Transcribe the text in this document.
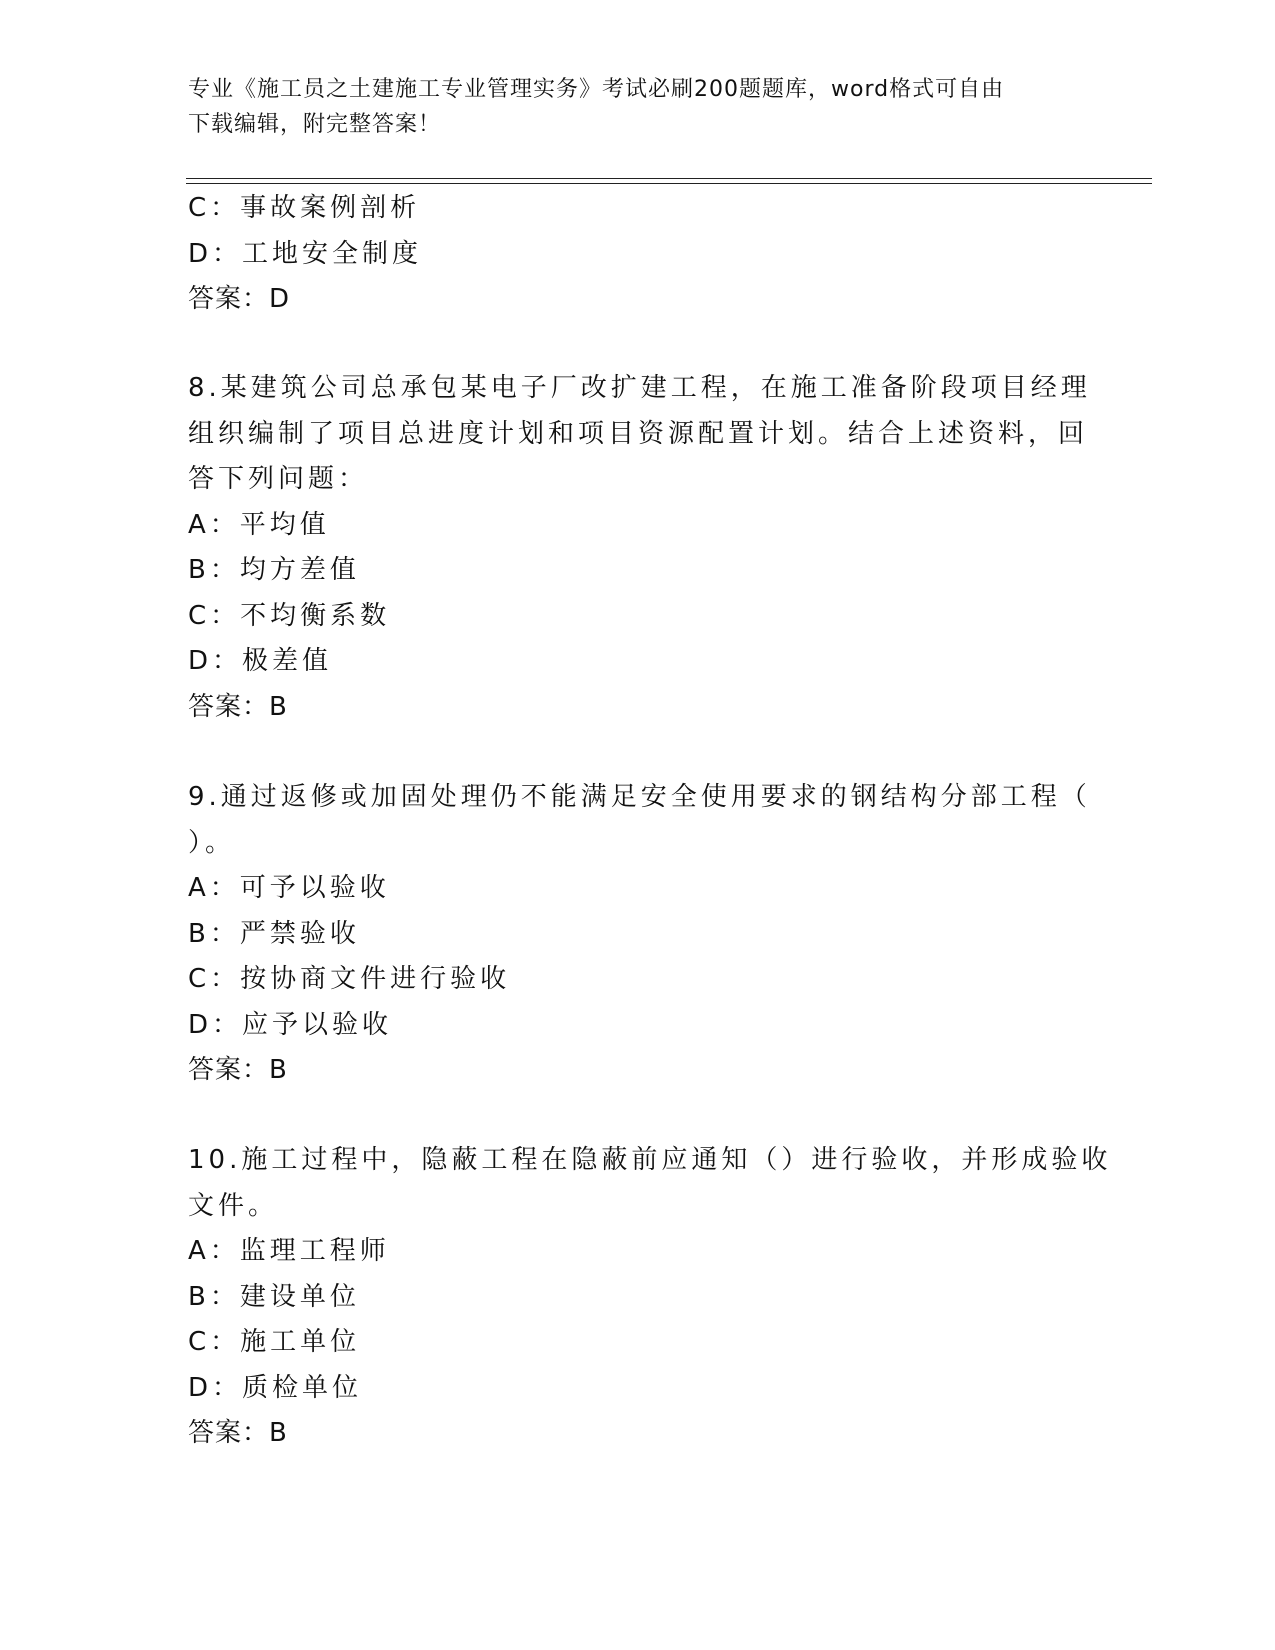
专业《施工员之土建施工专业管理实务》考试必刷200题题库，word格式可自由
下载编辑，附完整答案！
C：事故案例剖析
D：工地安全制度
答案：D
8.某建筑公司总承包某电子厂改扩建工程，在施工准备阶段项目经理
组织编制了项目总进度计划和项目资源配置计划。结合上述资料，回
答下列问题：
A：平均值
B：均方差值
C：不均衡系数
D：极差值
答案：B
9.通过返修或加固处理仍不能满足安全使用要求的钢结构分部工程（
）。
A：可予以验收
B：严禁验收
C：按协商文件进行验收
D：应予以验收
答案：B
10.施工过程中，隐蔽工程在隐蔽前应通知（）进行验收，并形成验收
文件。
A：监理工程师
B：建设单位
C：施工单位
D：质检单位
答案：B
